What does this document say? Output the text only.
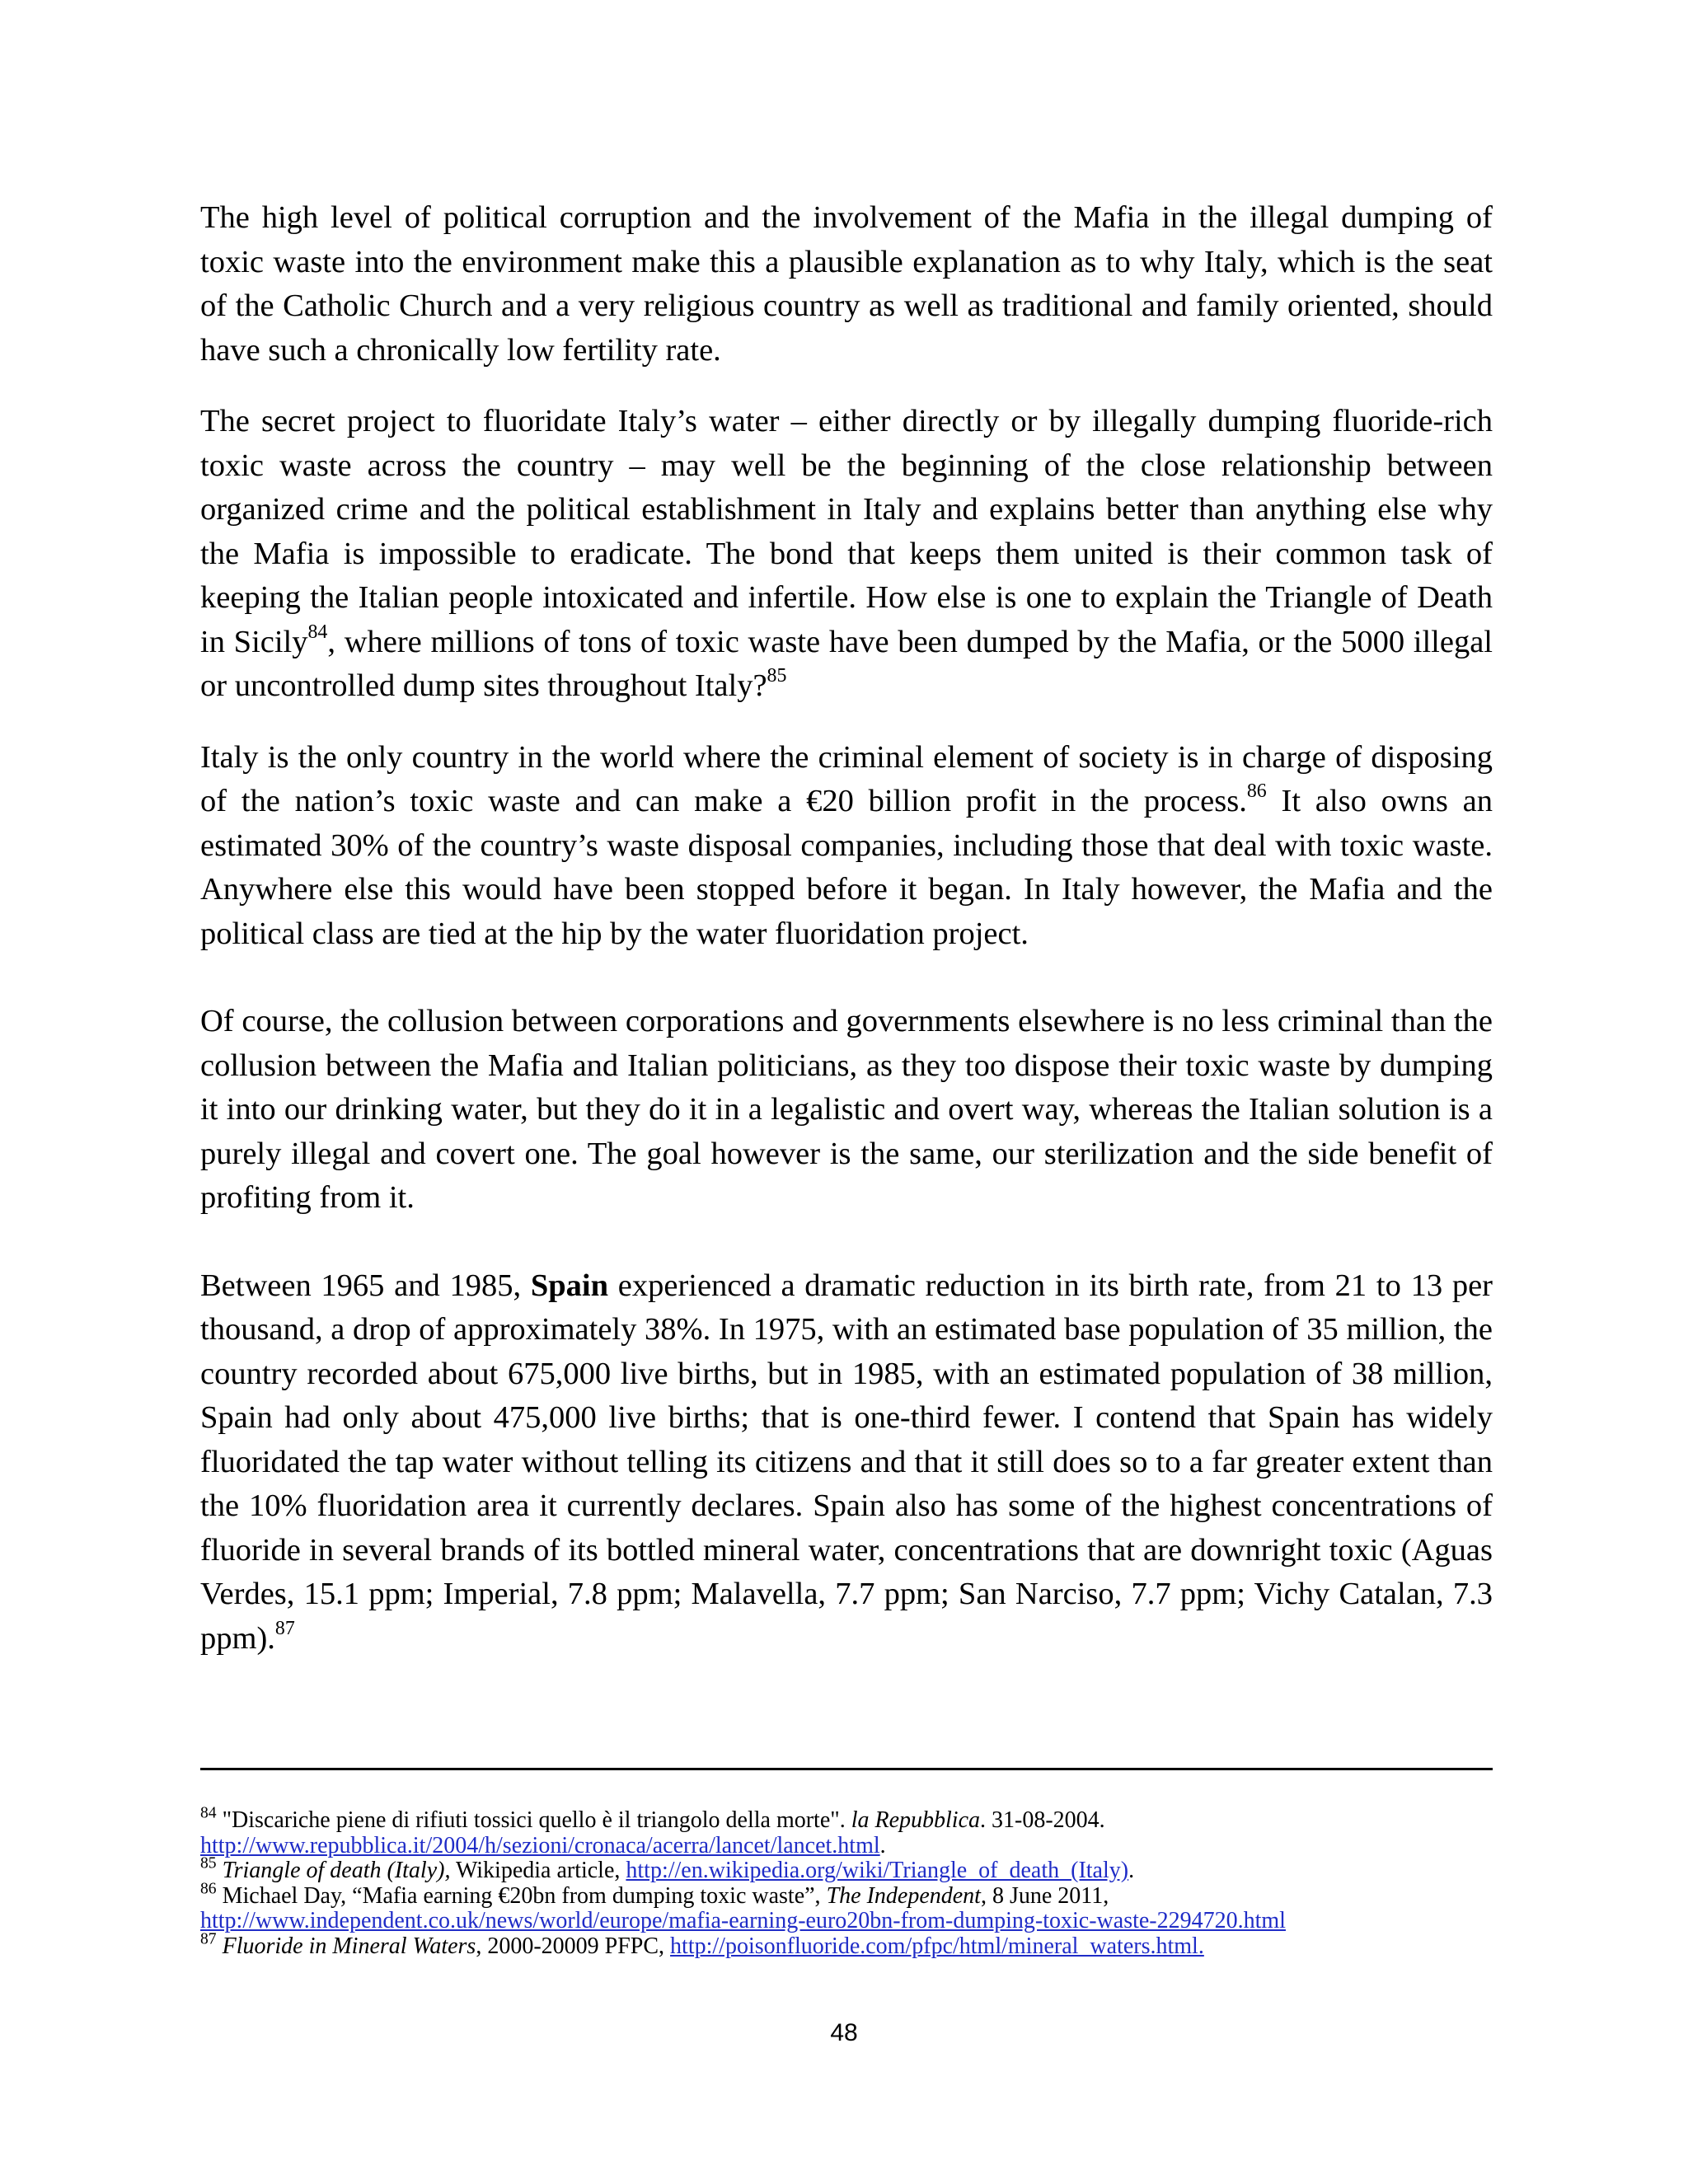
The high level of political corruption and the involvement of the Mafia in the illegal dumping of toxic waste into the environment make this a plausible explanation as to why Italy, which is the seat of the Catholic Church and a very religious country as well as traditional and family oriented, should have such a chronically low fertility rate.

The secret project to fluoridate Italy’s water – either directly or by illegally dumping fluoride-rich toxic waste across the country – may well be the beginning of the close relationship between organized crime and the political establishment in Italy and explains better than anything else why the Mafia is impossible to eradicate. The bond that keeps them united is their common task of keeping the Italian people intoxicated and infertile. How else is one to explain the Triangle of Death in Sicily$^{84}$, where millions of tons of toxic waste have been dumped by the Mafia, or the 5000 illegal or uncontrolled dump sites throughout Italy?$^{85}$

Italy is the only country in the world where the criminal element of society is in charge of disposing of the nation’s toxic waste and can make a €20 billion profit in the process.$^{86}$ It also owns an estimated 30% of the country’s waste disposal companies, including those that deal with toxic waste. Anywhere else this would have been stopped before it began. In Italy however, the Mafia and the political class are tied at the hip by the water fluoridation project.

Of course, the collusion between corporations and governments elsewhere is no less criminal than the collusion between the Mafia and Italian politicians, as they too dispose their toxic waste by dumping it into our drinking water, but they do it in a legalistic and overt way, whereas the Italian solution is a purely illegal and covert one. The goal however is the same, our sterilization and the side benefit of profiting from it.

Between 1965 and 1985, Spain experienced a dramatic reduction in its birth rate, from 21 to 13 per thousand, a drop of approximately 38%. In 1975, with an estimated base population of 35 million, the country recorded about 675,000 live births, but in 1985, with an estimated population of 38 million, Spain had only about 475,000 live births; that is one-third fewer. I contend that Spain has widely fluoridated the tap water without telling its citizens and that it still does so to a far greater extent than the 10% fluoridation area it currently declares. Spain also has some of the highest concentrations of fluoride in several brands of its bottled mineral water, concentrations that are downright toxic (Aguas Verdes, 15.1 ppm; Imperial, 7.8 ppm; Malavella, 7.7 ppm; San Narciso, 7.7 ppm; Vichy Catalan, 7.3 ppm).$^{87}$

$^{84}$ "Discariche piene di rifiuti tossici quello è il triangolo della morte". la Repubblica. 31-08-2004.
http://www.repubblica.it/2004/h/sezioni/cronaca/acerra/lancet/lancet.html.
$^{85}$ Triangle of death (Italy), Wikipedia article, http://en.wikipedia.org/wiki/Triangle_of_death_(Italy).
$^{86}$ Michael Day, “Mafia earning €20bn from dumping toxic waste”, The Independent, 8 June 2011,
http://www.independent.co.uk/news/world/europe/mafia-earning-euro20bn-from-dumping-toxic-waste-2294720.html
$^{87}$ Fluoride in Mineral Waters, 2000-20009 PFPC, http://poisonfluoride.com/pfpc/html/mineral_waters.html.
48
